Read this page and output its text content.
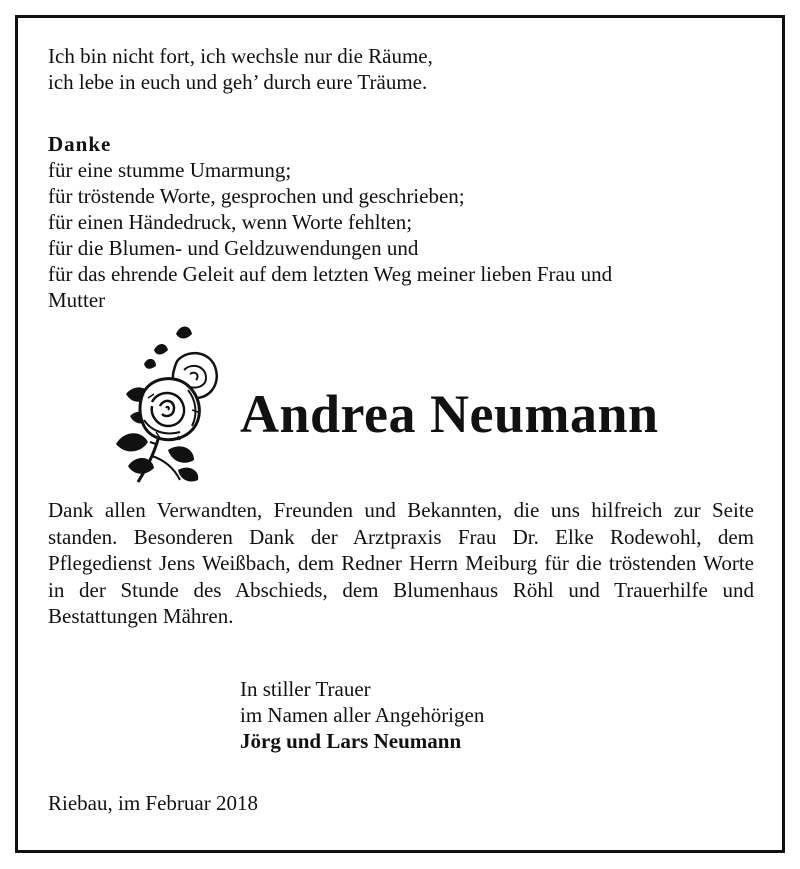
Ich bin nicht fort, ich wechsle nur die Räume,
ich lebe in euch und geh’ durch eure Träume.
Danke
für eine stumme Umarmung;
für tröstende Worte, gesprochen und geschrieben;
für einen Händedruck, wenn Worte fehlten;
für die Blumen- und Geldzuwendungen und
für das ehrende Geleit auf dem letzten Weg meiner lieben Frau und
Mutter
Andrea Neumann
Dank allen Verwandten, Freunden und Bekannten, die uns hilfreich zur Seite standen. Besonderen Dank der Arztpraxis Frau Dr. Elke Rodewohl, dem Pflegedienst Jens Weißbach, dem Redner Herrn Meiburg für die tröstenden Worte in der Stunde des Abschieds, dem Blumenhaus Röhl und Trauerhilfe und Bestattungen Mähren.
In stiller Trauer
im Namen aller Angehörigen
Jörg und Lars Neumann
Riebau, im Februar 2018
